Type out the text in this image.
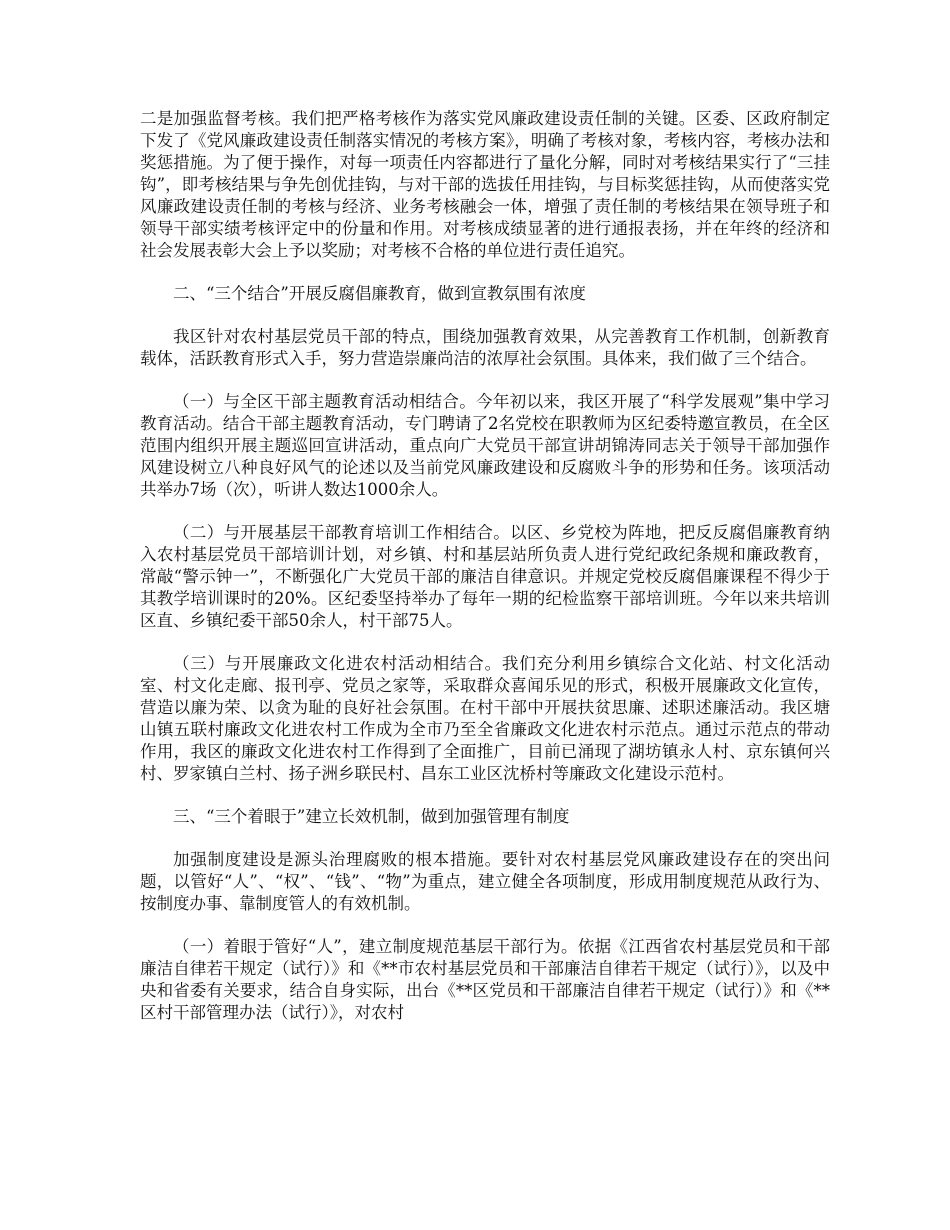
二是加强监督考核。我们把严格考核作为落实党风廉政建设责任制的关键。区委、区政府制定下发了《党风廉政建设责任制落实情况的考核方案》，明确了考核对象，考核内容，考核办法和奖惩措施。为了便于操作，对每一项责任内容都进行了量化分解，同时对考核结果实行了“三挂钩”，即考核结果与争先创优挂钩，与对干部的选拔任用挂钩，与目标奖惩挂钩，从而使落实党风廉政建设责任制的考核与经济、业务考核融会一体，增强了责任制的考核结果在领导班子和领导干部实绩考核评定中的份量和作用。对考核成绩显著的进行通报表扬，并在年终的经济和社会发展表彰大会上予以奖励；对考核不合格的单位进行责任追究。

二、“三个结合”开展反腐倡廉教育，做到宣教氛围有浓度

我区针对农村基层党员干部的特点，围绕加强教育效果，从完善教育工作机制，创新教育载体，活跃教育形式入手，努力营造崇廉尚洁的浓厚社会氛围。具体来，我们做了三个结合。

（一）与全区干部主题教育活动相结合。今年初以来，我区开展了“科学发展观”集中学习教育活动。结合干部主题教育活动，专门聘请了2名党校在职教师为区纪委特邀宣教员，在全区范围内组织开展主题巡回宣讲活动，重点向广大党员干部宣讲胡锦涛同志关于领导干部加强作风建设树立八种良好风气的论述以及当前党风廉政建设和反腐败斗争的形势和任务。该项活动共举办7场（次），听讲人数达1000余人。

（二）与开展基层干部教育培训工作相结合。以区、乡党校为阵地，把反反腐倡廉教育纳入农村基层党员干部培训计划，对乡镇、村和基层站所负责人进行党纪政纪条规和廉政教育，常敲“警示钟一”，不断强化广大党员干部的廉洁自律意识。并规定党校反腐倡廉课程不得少于其教学培训课时的20%。区纪委坚持举办了每年一期的纪检监察干部培训班。今年以来共培训区直、乡镇纪委干部50余人，村干部75人。

（三）与开展廉政文化进农村活动相结合。我们充分利用乡镇综合文化站、村文化活动室、村文化走廊、报刊亭、党员之家等，采取群众喜闻乐见的形式，积极开展廉政文化宣传，营造以廉为荣、以贪为耻的良好社会氛围。在村干部中开展扶贫思廉、述职述廉活动。我区塘山镇五联村廉政文化进农村工作成为全市乃至全省廉政文化进农村示范点。通过示范点的带动作用，我区的廉政文化进农村工作得到了全面推广，目前已涌现了湖坊镇永人村、京东镇何兴村、罗家镇白兰村、扬子洲乡联民村、昌东工业区沈桥村等廉政文化建设示范村。

三、“三个着眼于”建立长效机制，做到加强管理有制度

加强制度建设是源头治理腐败的根本措施。要针对农村基层党风廉政建设存在的突出问题，以管好“人”、“权”、“钱”、“物”为重点，建立健全各项制度，形成用制度规范从政行为、按制度办事、靠制度管人的有效机制。

（一）着眼于管好“人”，建立制度规范基层干部行为。依据《江西省农村基层党员和干部廉洁自律若干规定（试行）》和《**市农村基层党员和干部廉洁自律若干规定（试行）》，以及中央和省委有关要求，结合自身实际，出台《**区党员和干部廉洁自律若干规定（试行）》和《**区村干部管理办法（试行）》，对农村
